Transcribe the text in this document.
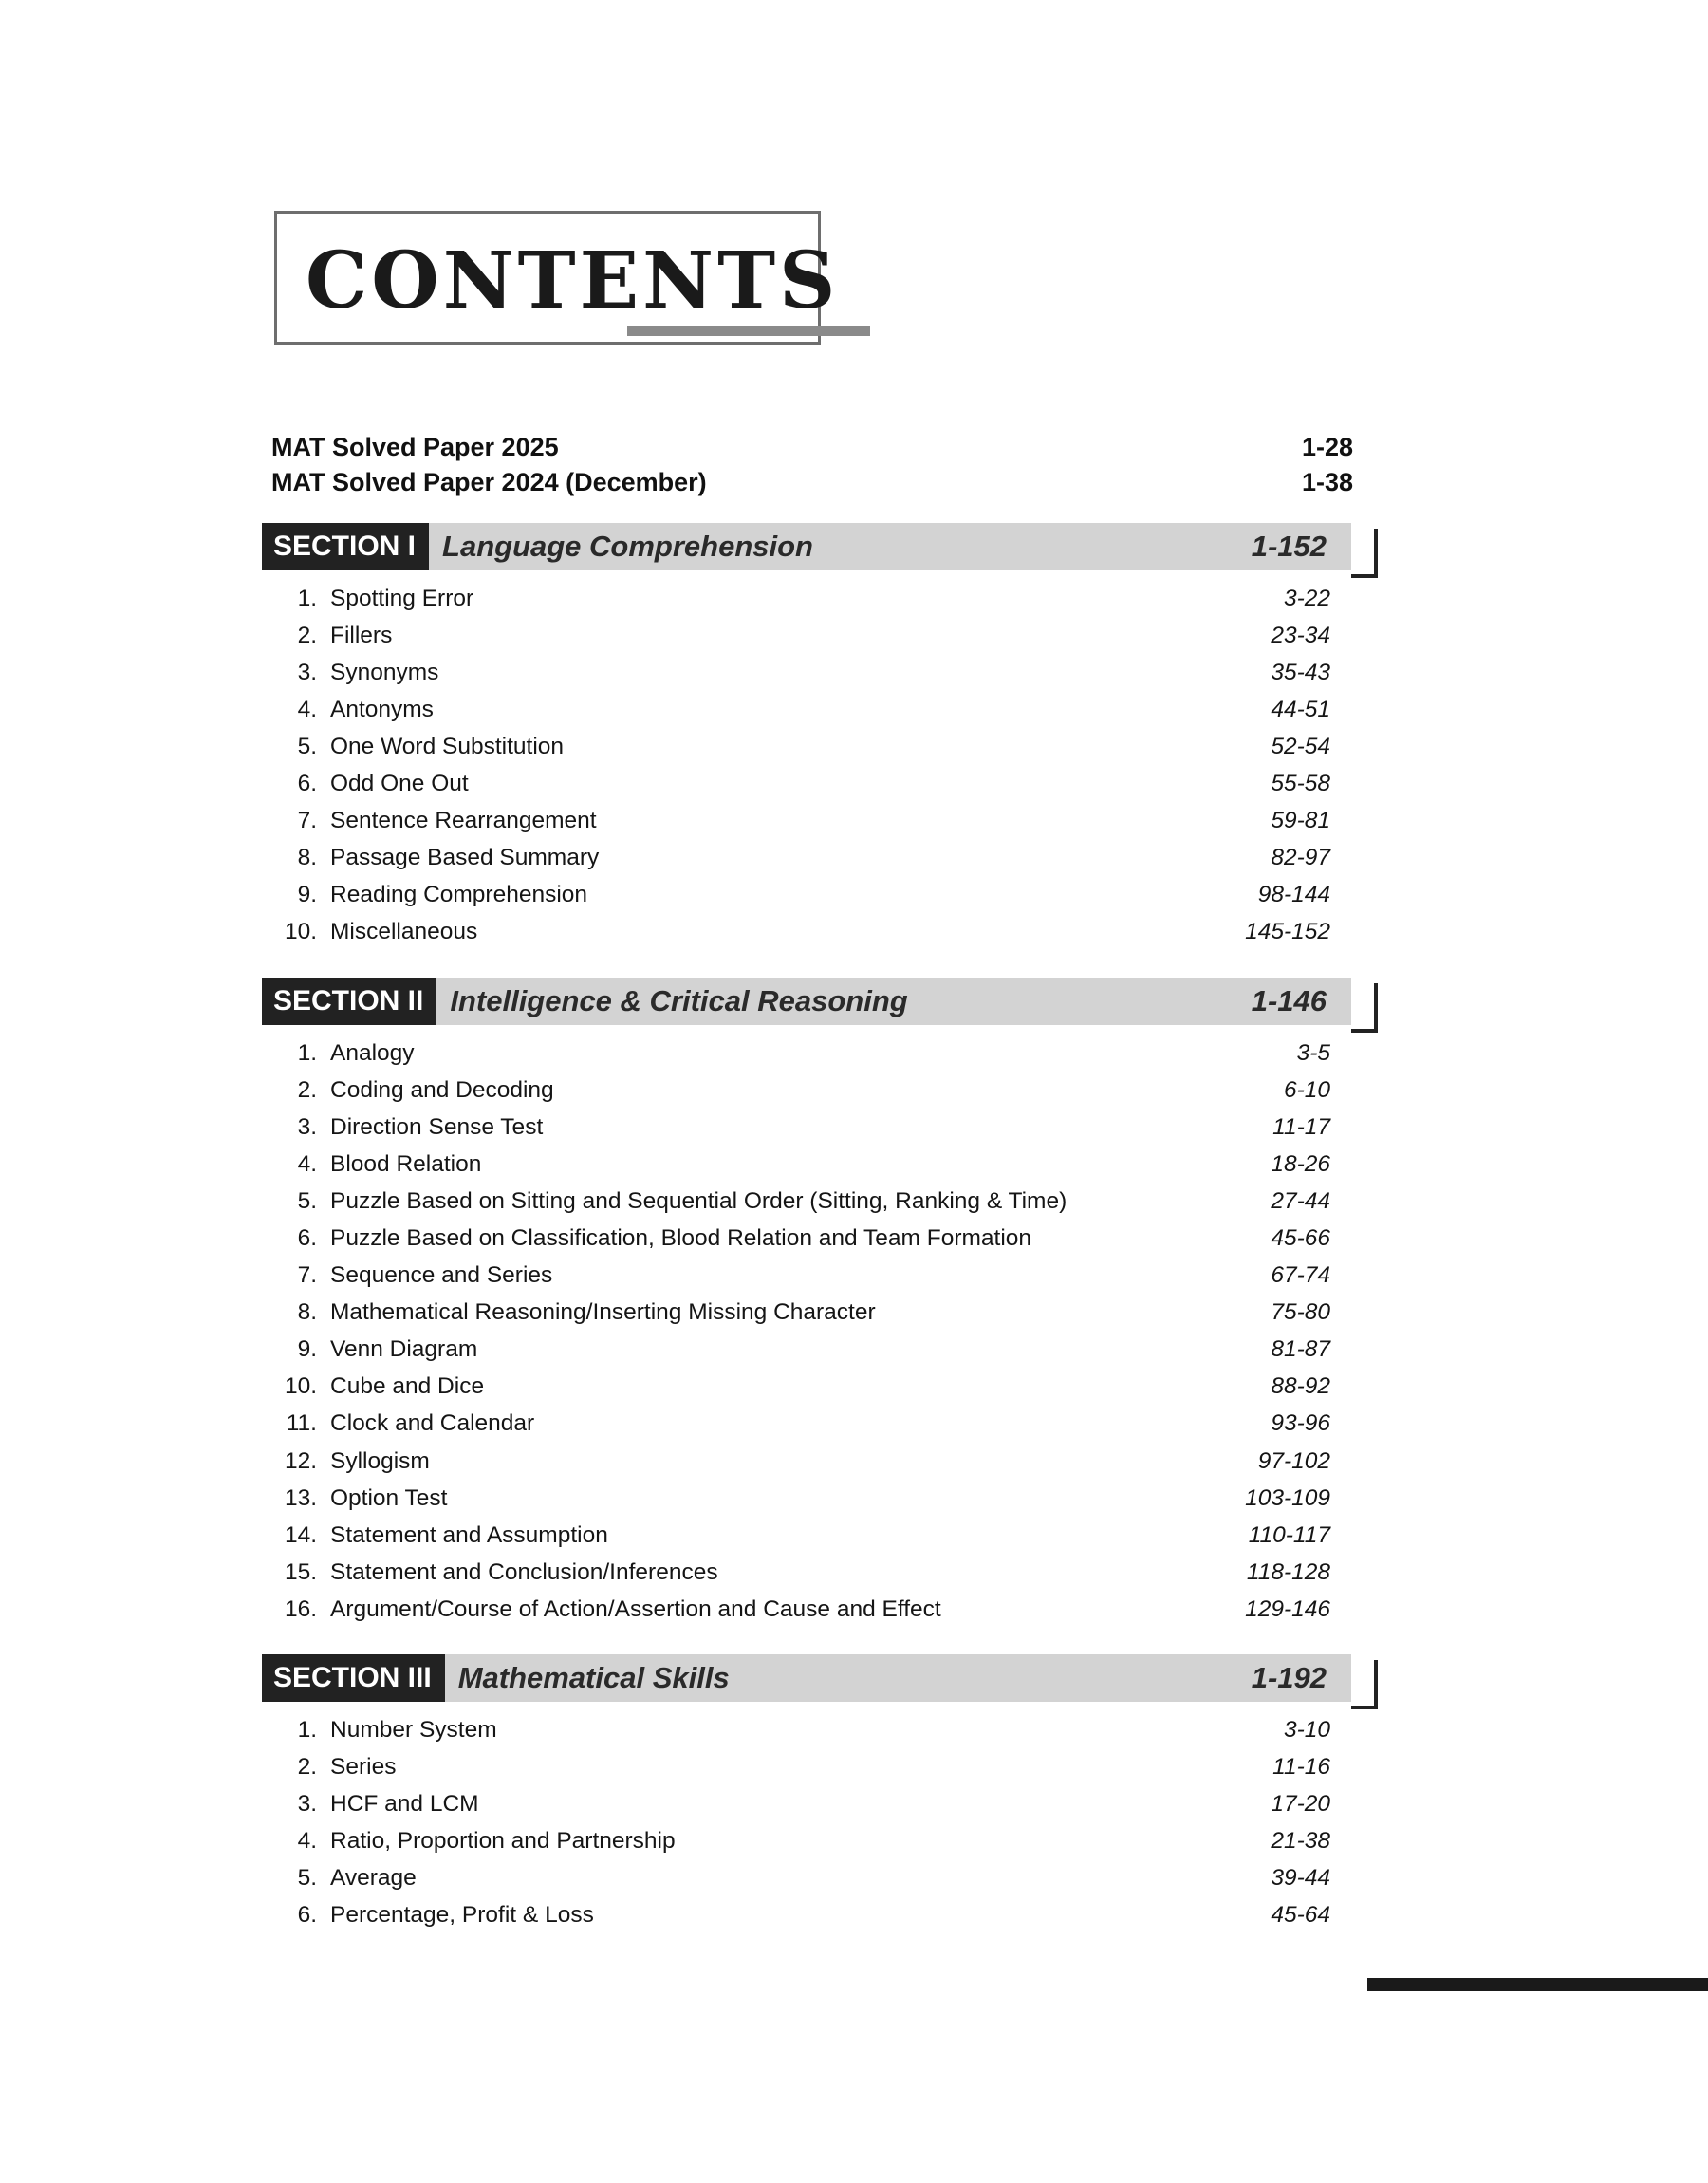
CONTENTS
MAT Solved Paper 2025	1-28
MAT Solved Paper 2024 (December)	1-38
SECTION I Language Comprehension	1-152
1. Spotting Error	3-22
2. Fillers	23-34
3. Synonyms	35-43
4. Antonyms	44-51
5. One Word Substitution	52-54
6. Odd One Out	55-58
7. Sentence Rearrangement	59-81
8. Passage Based Summary	82-97
9. Reading Comprehension	98-144
10. Miscellaneous	145-152
SECTION II Intelligence & Critical Reasoning	1-146
1. Analogy	3-5
2. Coding and Decoding	6-10
3. Direction Sense Test	11-17
4. Blood Relation	18-26
5. Puzzle Based on Sitting and Sequential Order (Sitting, Ranking & Time)	27-44
6. Puzzle Based on Classification, Blood Relation and Team Formation	45-66
7. Sequence and Series	67-74
8. Mathematical Reasoning/Inserting Missing Character	75-80
9. Venn Diagram	81-87
10. Cube and Dice	88-92
11. Clock and Calendar	93-96
12. Syllogism	97-102
13. Option Test	103-109
14. Statement and Assumption	110-117
15. Statement and Conclusion/Inferences	118-128
16. Argument/Course of Action/Assertion and Cause and Effect	129-146
SECTION III Mathematical Skills	1-192
1. Number System	3-10
2. Series	11-16
3. HCF and LCM	17-20
4. Ratio, Proportion and Partnership	21-38
5. Average	39-44
6. Percentage, Profit & Loss	45-64
